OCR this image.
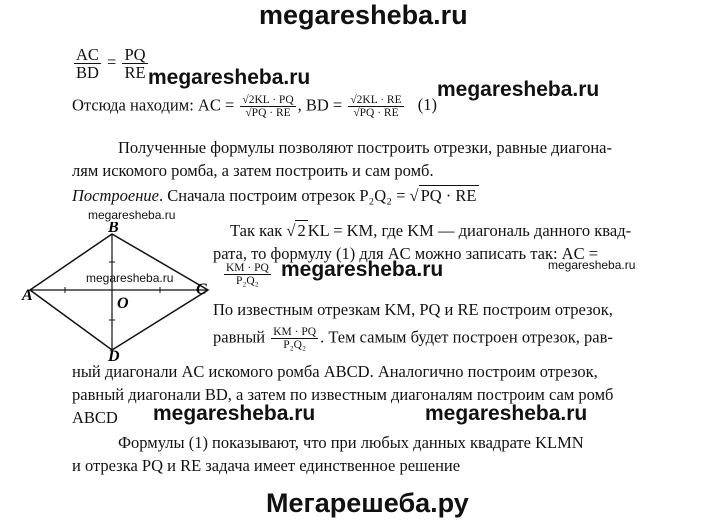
megaresheba.ru
megaresheba.ru
megaresheba.ru
megaresheba.ru
megaresheba.ru	megaresheba.ru
megaresheba.ru
megaresheba.ru
megaresheba.ru
Мегарешеба.ру
$\frac{AC}{BD} = \frac{PQ}{RE}$
Отсюда находим: AC = $\frac{√2KL \cdot PQ}{√PQ \cdot RE}$ , BD = $\frac{√2KL \cdot RE}{√PQ \cdot RE} (1)$
Полученные формулы позволяют построить отрезки, равные диагона-
лям искомого ромба, а затем построить и сам ромб.
Построение. Сначала построим отрезок P₂Q₂ = √ PQ · RE
B
A	C
O
D
Так как √ 2 KL = KM, где KM — диагональ данного квад-
рата, то формулу (1) для AC можно записать так: AC =
$\frac{KM \cdot PQ}{\text{P₂Q₂}}$
По известным отрезкам KM, PQ и RE построим отрезок,
равный $\frac{KM \cdot PQ}{\text{P₂Q₂}}$ . Тем самым будет построен отрезок, рав-
ный диагонали AC искомого ромба ABCD. Аналогично построим отрезок,
равный диагонали BD, а затем по известным диагоналям построим сам ромб
ABCD
Формулы (1) показывают, что при любых данных квадрате KLMN
и отрезка PQ и RE задача имеет единственное решение
